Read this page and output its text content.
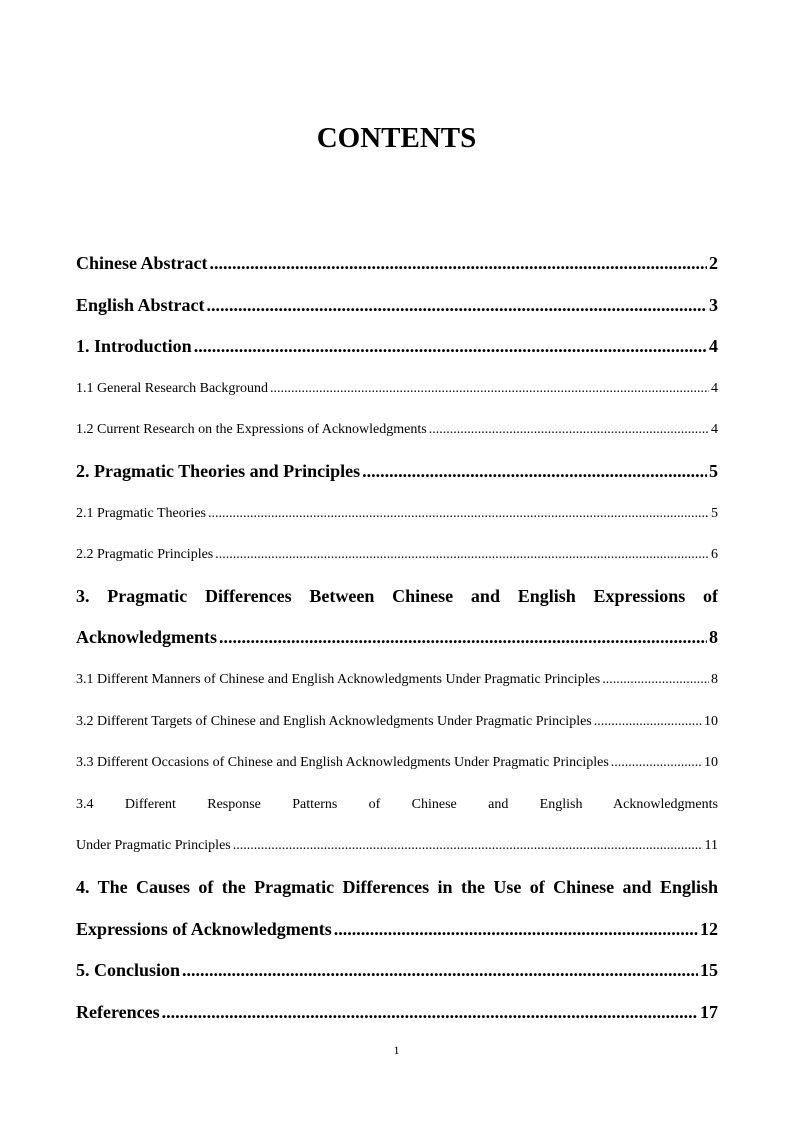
CONTENTS
Chinese Abstract .....	2
English Abstract .....	3
1. Introduction .....	4
1.1 General Research Background .....	4
1.2 Current Research on the Expressions of Acknowledgments .....	4
2. Pragmatic Theories and Principles .....	5
2.1 Pragmatic Theories .....	5
2.2 Pragmatic Principles .....	6
3. Pragmatic Differences Between Chinese and English Expressions of
Acknowledgments .....	8
3.1 Different Manners of Chinese and English Acknowledgments Under Pragmatic Principles .....	8
3.2 Different Targets of Chinese and English Acknowledgments Under Pragmatic Principles .....	10
3.3 Different Occasions of Chinese and English Acknowledgments Under Pragmatic Principles .....	10
3.4 Different Response Patterns of Chinese and English Acknowledgments
Under Pragmatic Principles .....	11
4. The Causes of the Pragmatic Differences in the Use of Chinese and English
Expressions of Acknowledgments .....	12
5. Conclusion .....	15
References .....	17
1
